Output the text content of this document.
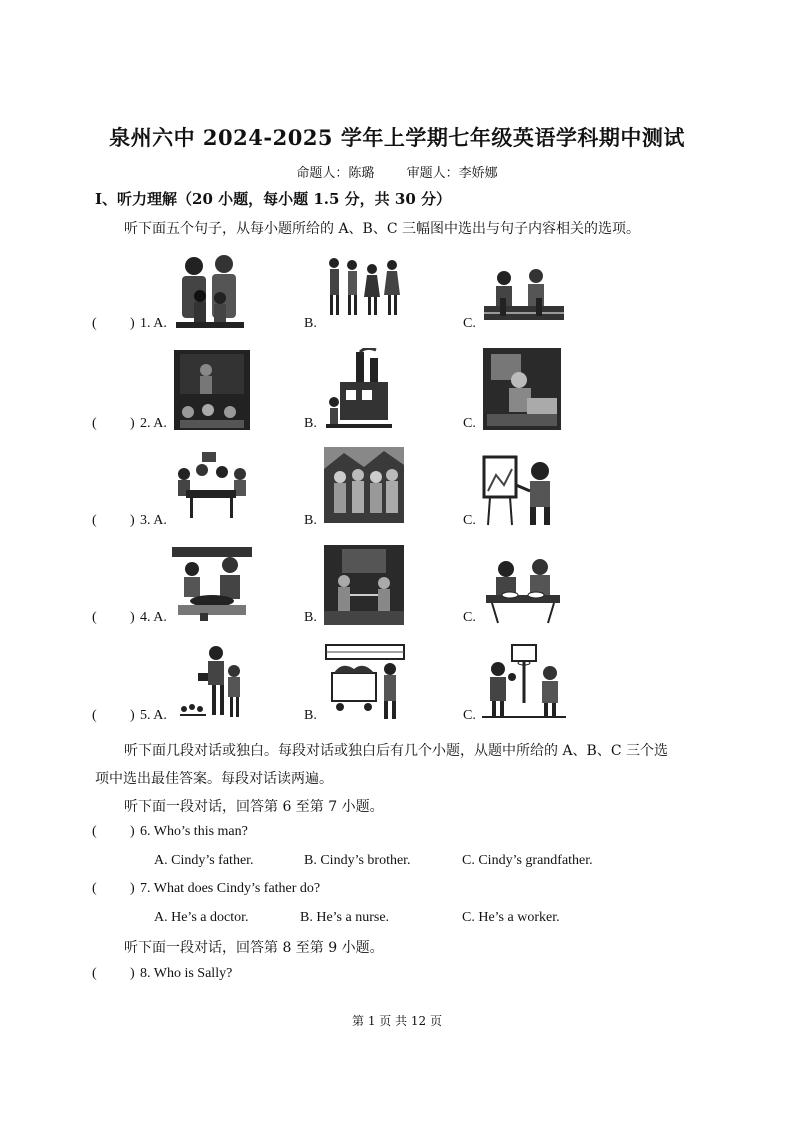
泉州六中 2024-2025 学年上学期七年级英语学科期中测试
命题人：陈璐 审题人：李娇娜
Ⅰ、听力理解（20 小题，每小题 1.5 分，共 30 分）
听下面五个句子，从每小题所给的 A、B、C 三幅图中选出与句子内容相关的选项。
( ) 1. A.	B.	C.
( ) 2. A.	B.	C.
( ) 3. A.	B.	C.
( ) 4. A.	B.	C.
( ) 5. A.	B.	C.
听下面几段对话或独白。每段对话或独白后有几个小题，从题中所给的 A、B、C 三个选
项中选出最佳答案。每段对话读两遍。
听下面一段对话，回答第 6 至第 7 小题。
( ) 6. Who’s this man?
A. Cindy’s father.	B. Cindy’s brother.	C. Cindy’s grandfather.
( ) 7. What does Cindy’s father do?
A. He’s a doctor.	B. He’s a nurse.	C. He’s a worker.
听下面一段对话，回答第 8 至第 9 小题。
( ) 8. Who is Sally?
第 1 页 共 12 页
